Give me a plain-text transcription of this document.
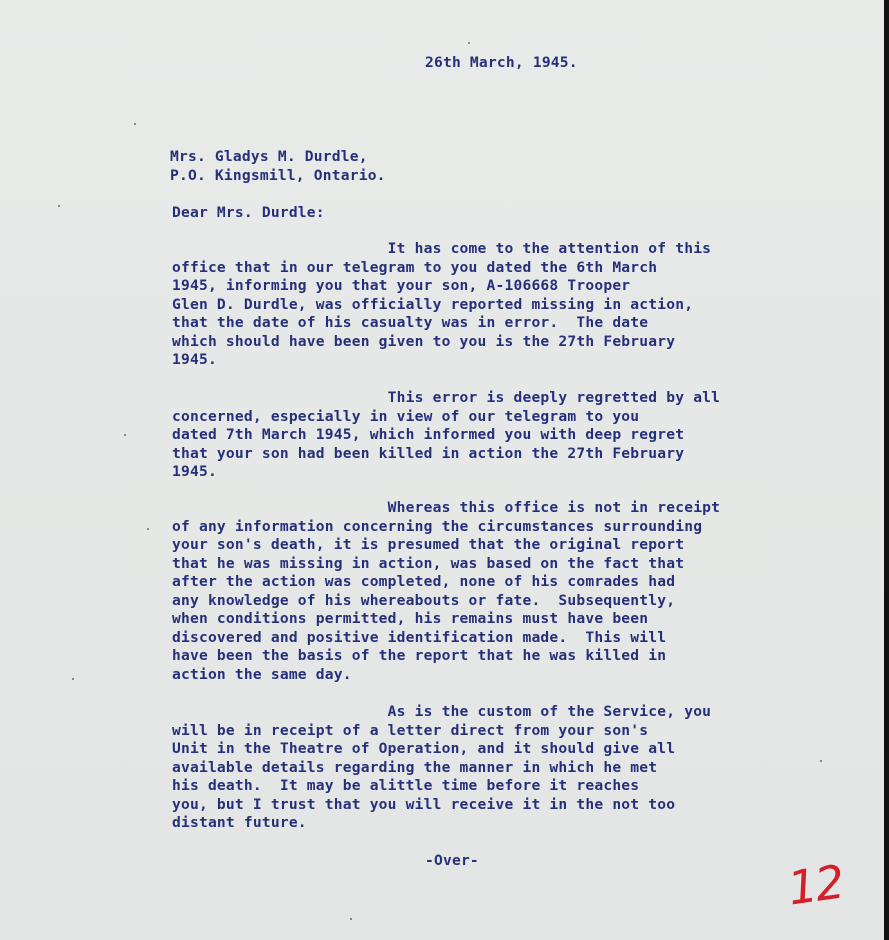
26th March, 1945.
Mrs. Gladys M. Durdle,
P.O. Kingsmill, Ontario.
Dear Mrs. Durdle:
It has come to the attention of this
office that in our telegram to you dated the 6th March
1945, informing you that your son, A-106668 Trooper
Glen D. Durdle, was officially reported missing in action,
that the date of his casualty was in error.  The date
which should have been given to you is the 27th February
1945.
This error is deeply regretted by all
concerned, especially in view of our telegram to you
dated 7th March 1945, which informed you with deep regret
that your son had been killed in action the 27th February
1945.
Whereas this office is not in receipt
of any information concerning the circumstances surrounding
your son's death, it is presumed that the original report
that he was missing in action, was based on the fact that
after the action was completed, none of his comrades had
any knowledge of his whereabouts or fate.  Subsequently,
when conditions permitted, his remains must have been
discovered and positive identification made.  This will
have been the basis of the report that he was killed in
action the same day.
As is the custom of the Service, you
will be in receipt of a letter direct from your son's
Unit in the Theatre of Operation, and it should give all
available details regarding the manner in which he met
his death.  It may be alittle time before it reaches
you, but I trust that you will receive it in the not too
distant future.
-Over-	12
